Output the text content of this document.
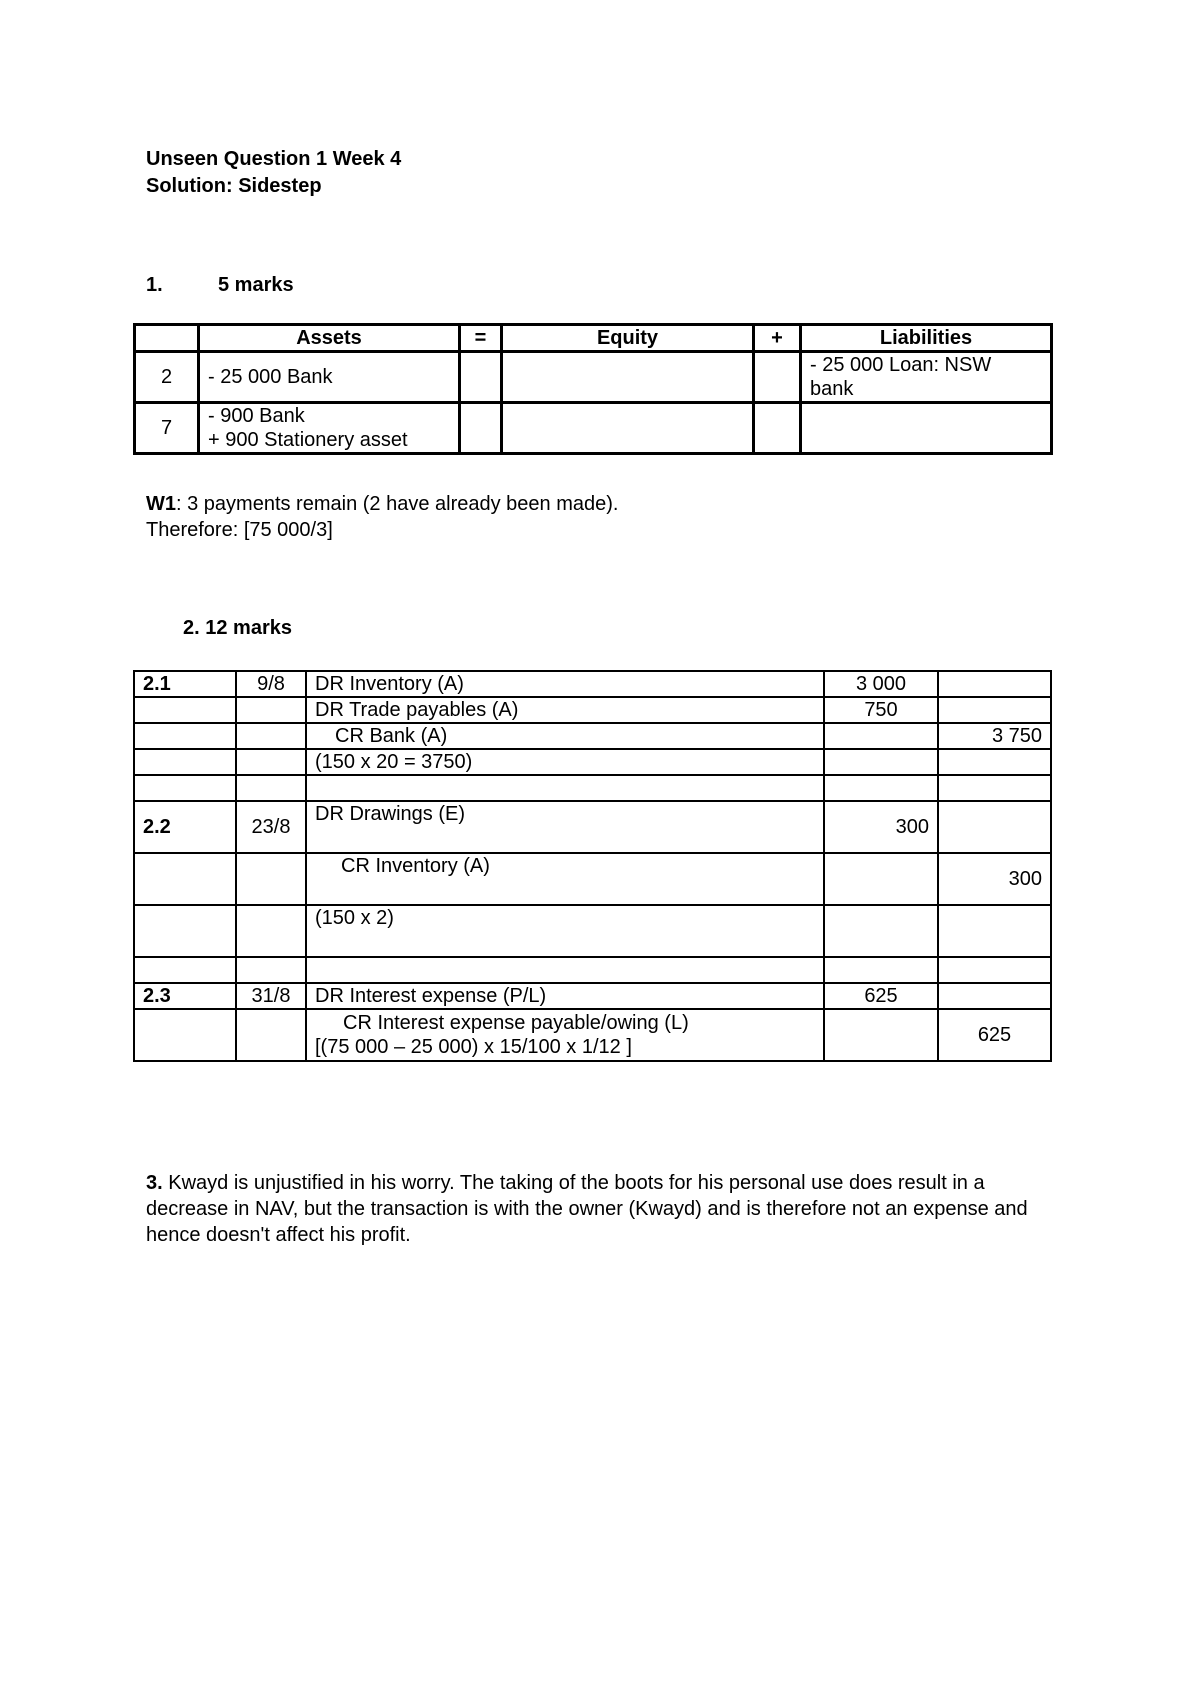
Unseen Question 1 Week 4
Solution: Sidestep
1.	5 marks
	Assets	=	Equity	+	Liabilities
2	- 25 000 Bank				- 25 000 Loan: NSW
bank

7	- 900 Bank
+ 900 Stationery asset				

W1: 3 payments remain (2 have already been made).
Therefore: [75 000/3]
2. 12 marks
2.1	9/8	DR Inventory (A)	3 000	
		DR Trade payables (A)	750	
		CR Bank (A)		3 750
		(150 x 20 = 3750)		

2.2	23/8	DR Drawings (E)	300	
		CR Inventory (A)		300
		(150 x 2)		

2.3	31/8	DR Interest expense (P/L)	625	

		CR Interest expense payable/owing (L)
[(75 000 – 25 000) x 15/100 x 1/12 ]		625
3. Kwayd is unjustified in his worry. The taking of the boots for his personal use does result in a decrease in NAV, but the transaction is with the owner (Kwayd) and is therefore not an expense and hence doesn't affect his profit.
